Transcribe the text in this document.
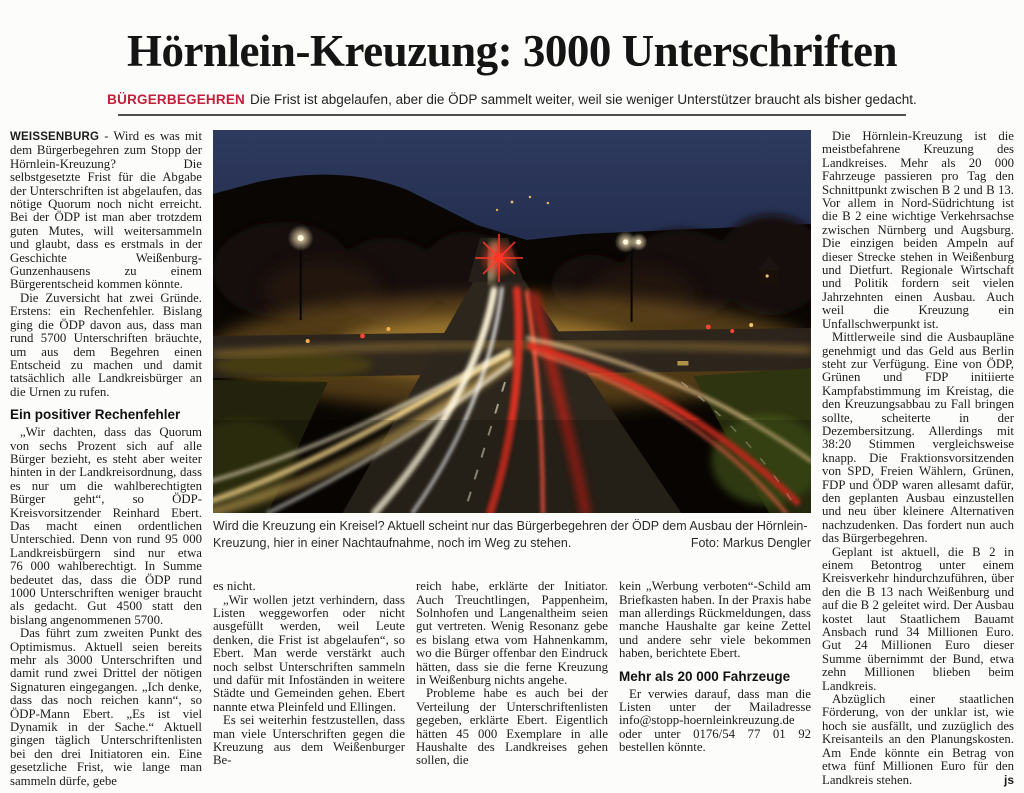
Hörnlein-Kreuzung: 3000 Unterschriften

BÜRGERBEGEHREN Die Frist ist abgelaufen, aber die ÖDP sammelt weiter, weil sie weniger Unterstützer braucht als bisher gedacht.

WEISSENBURG - Wird es was mit dem Bürgerbegehren zum Stopp der Hörnlein-Kreuzung? Die selbstgesetzte Frist für die Abgabe der Unterschriften ist abgelaufen, das nötige Quorum noch nicht erreicht. Bei der ÖDP ist man aber trotzdem guten Mutes, will weitersammeln und glaubt, dass es erstmals in der Geschichte Weißenburg-Gunzenhausens zu einem Bürgerentscheid kommen könnte.

Die Zuversicht hat zwei Gründe. Erstens: ein Rechenfehler. Bislang ging die ÖDP davon aus, dass man rund 5700 Unterschriften bräuchte, um aus dem Begehren einen Entscheid zu machen und damit tatsächlich alle Landkreisbürger an die Urnen zu rufen.

Ein positiver Rechenfehler

„Wir dachten, dass das Quorum von sechs Prozent sich auf alle Bürger bezieht, es steht aber weiter hinten in der Landkreisordnung, dass es nur um die wahlberechtigten Bürger geht“, so ÖDP-Kreisvorsitzender Reinhard Ebert. Das macht einen ordentlichen Unterschied. Denn von rund 95 000 Landkreisbürgern sind nur etwa 76 000 wahlberechtigt. In Summe bedeutet das, dass die ÖDP rund 1000 Unterschriften weniger braucht als gedacht. Gut 4500 statt den bislang angenommenen 5700.

Das führt zum zweiten Punkt des Optimismus. Aktuell seien bereits mehr als 3000 Unterschriften und damit rund zwei Drittel der nötigen Signaturen eingegangen. „Ich denke, dass das noch reichen kann“, so ÖDP-Mann Ebert. „Es ist viel Dynamik in der Sache.“ Aktuell gingen täglich Unterschriftenlisten bei den drei Initiatoren ein. Eine gesetzliche Frist, wie lange man sammeln dürfe, gebe

Wird die Kreuzung ein Kreisel? Aktuell scheint nur das Bürgerbegehren der ÖDP dem Ausbau der Hörnlein-Kreuzung, hier in einer Nachtaufnahme, noch im Weg zu stehen.	Foto: Markus Dengler

es nicht.

„Wir wollen jetzt verhindern, dass Listen weggeworfen oder nicht ausgefüllt werden, weil Leute denken, die Frist ist abgelaufen“, so Ebert. Man werde verstärkt auch noch selbst Unterschriften sammeln und dafür mit Infoständen in weitere Städte und Gemeinden gehen. Ebert nannte etwa Pleinfeld und Ellingen.

Es sei weiterhin festzustellen, dass man viele Unterschriften gegen die Kreuzung aus dem Weißenburger Be-

reich habe, erklärte der Initiator. Auch Treuchtlingen, Pappenheim, Solnhofen und Langenaltheim seien gut vertreten. Wenig Resonanz gebe es bislang etwa vom Hahnenkamm, wo die Bürger offenbar den Eindruck hätten, dass sie die ferne Kreuzung in Weißenburg nichts angehe.

Probleme habe es auch bei der Verteilung der Unterschriftenlisten gegeben, erklärte Ebert. Eigentlich hätten 45 000 Exemplare in alle Haushalte des Landkreises gehen sollen, die

kein „Werbung verboten“-Schild am Briefkasten haben. In der Praxis habe man allerdings Rückmeldungen, dass manche Haushalte gar keine Zettel und andere sehr viele bekommen haben, berichtete Ebert.

Mehr als 20 000 Fahrzeuge

Er verwies darauf, dass man die Listen unter der Mailadresse info@stopp-hoernleinkreuzung.de oder unter 0176/54 77 01 92 bestellen könnte.

Die Hörnlein-Kreuzung ist die meistbefahrene Kreuzung des Landkreises. Mehr als 20 000 Fahrzeuge passieren pro Tag den Schnittpunkt zwischen B 2 und B 13. Vor allem in Nord-Südrichtung ist die B 2 eine wichtige Verkehrsachse zwischen Nürnberg und Augsburg. Die einzigen beiden Ampeln auf dieser Strecke stehen in Weißenburg und Dietfurt. Regionale Wirtschaft und Politik fordern seit vielen Jahrzehnten einen Ausbau. Auch weil die Kreuzung ein Unfallschwerpunkt ist.

Mittlerweile sind die Ausbaupläne genehmigt und das Geld aus Berlin steht zur Verfügung. Eine von ÖDP, Grünen und FDP initiierte Kampfabstimmung im Kreistag, die den Kreuzungsabbau zu Fall bringen sollte, scheiterte in der Dezembersitzung. Allerdings mit 38:20 Stimmen vergleichsweise knapp. Die Fraktionsvorsitzenden von SPD, Freien Wählern, Grünen, FDP und ÖDP waren allesamt dafür, den geplanten Ausbau einzustellen und neu über kleinere Alternativen nachzudenken. Das fordert nun auch das Bürgerbegehren.

Geplant ist aktuell, die B 2 in einem Betontrog unter einem Kreisverkehr hindurchzuführen, über den die B 13 nach Weißenburg und auf die B 2 geleitet wird. Der Ausbau kostet laut Staatlichem Bauamt Ansbach rund 34 Millionen Euro. Gut 24 Millionen Euro dieser Summe übernimmt der Bund, etwa zehn Millionen blieben beim Landkreis.

Abzüglich einer staatlichen Förderung, von der unklar ist, wie hoch sie ausfällt, und zuzüglich des Kreisanteils an den Planungskosten. Am Ende könnte ein Betrag von etwa fünf Millionen Euro für den Landkreis stehen.	js
